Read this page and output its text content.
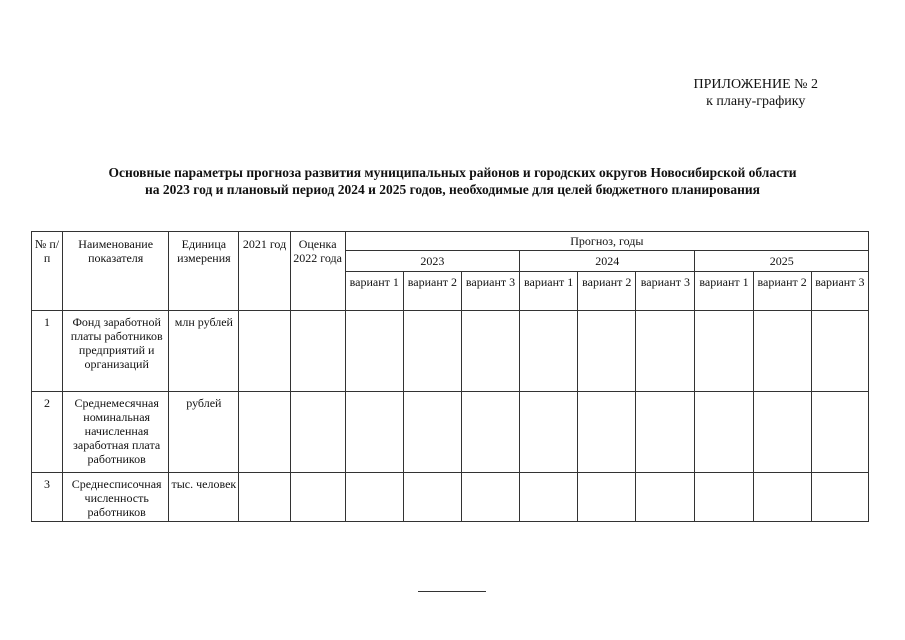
ПРИЛОЖЕНИЕ № 2
к плану-графику
Основные параметры прогноза развития муниципальных районов и городских округов Новосибирской области
на 2023 год и плановый период 2024 и 2025 годов, необходимые для целей бюджетного планирования
№ п/п	Наименование показателя	Единица измерения	2021 год	Оценка 2022 года	Прогноз, годы								
					2023			2024			2025		
					вариант 1	вариант 2	вариант 3	вариант 1	вариант 2	вариант 3	вариант 1	вариант 2	вариант 3
1	Фонд заработной платы работников предприятий и организаций	млн рублей											
2	Среднемесячная номинальная начисленная заработная плата работников	рублей											
3	Среднесписочная численность работников	тыс. человек											
